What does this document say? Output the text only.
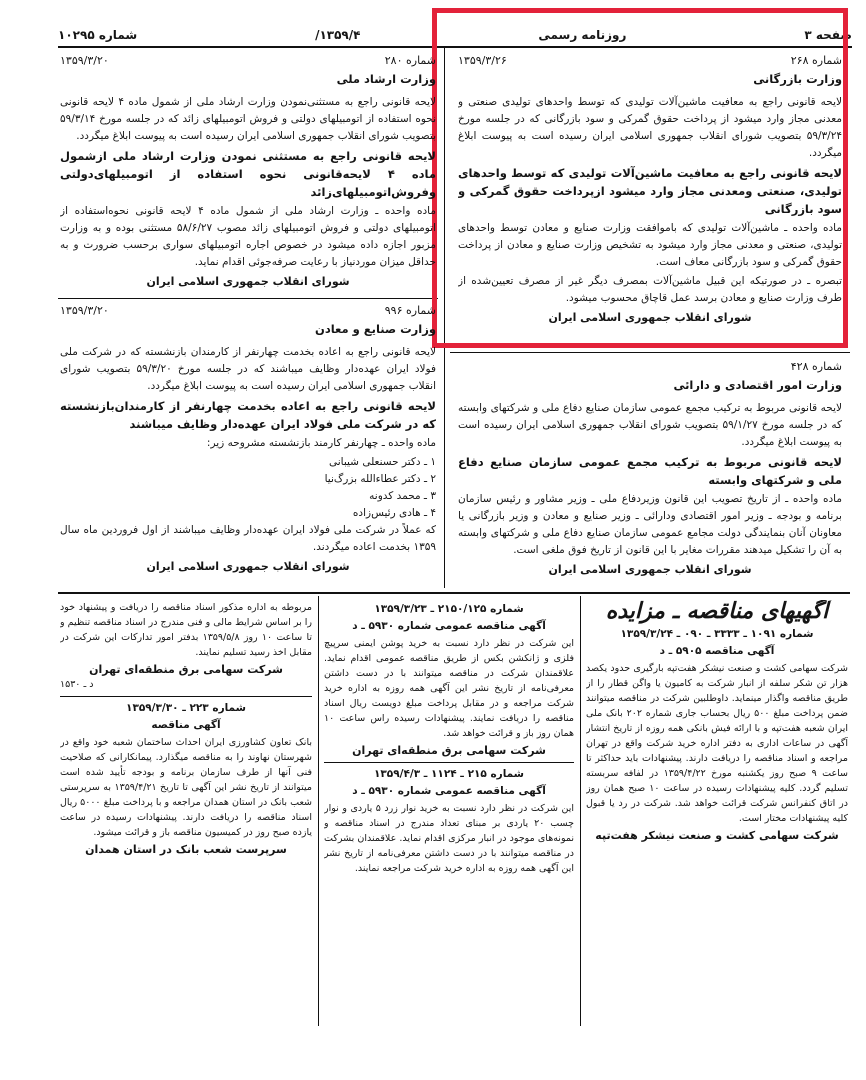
صفحه ۳
روزنامه رسمی
۱۳۵۹/۴/
شماره ۱۰۲۹۵
شماره ۲۶۸
۱۳۵۹/۳/۲۶
وزارت بازرگانی

لایحه قانونی راجع به معافیت ماشین‌آلات تولیدی که توسط واحدهای تولیدی صنعتی و معدنی مجاز وارد میشود از پرداخت حقوق گمرکی و سود بازرگانی که در جلسه مورخ ۵۹/۳/۲۴ بتصویب شورای انقلاب جمهوری اسلامی ایران رسیده است به پیوست ابلاغ میگردد.

لایحه قانونی راجع به معافیت ماشین‌آلات تولیدی که توسط واحدهای تولیدی، صنعتی ومعدنی مجاز وارد میشود ازپرداخت حقوق گمرکی و سود بازرگانی

ماده واحده ـ ماشین‌آلات تولیدی که باموافقت وزارت صنایع و معادن توسط واحدهای تولیدی، صنعتی و معدنی مجاز وارد میشود به تشخیص وزارت صنایع و معادن از پرداخت حقوق گمرکی و سود بازرگانی معاف است.

تبصره ـ در صورتیکه این قبیل ماشین‌آلات بمصرف دیگر غیر از مصرف تعیین‌شده از طرف وزارت صنایع و معادن برسد عمل قاچاق محسوب میشود.

شورای انقلاب جمهوری اسلامی ایران
شماره ۲۸۰
۱۳۵۹/۳/۲۰
وزارت ارشاد ملی

لایحه قانونی راجع به مستثنی‌نمودن وزارت ارشاد ملی از شمول ماده ۴ لایحه قانونی نحوه استفاده از اتومبیلهای دولتی و فروش اتومبیلهای زائد که در جلسه مورخ ۵۹/۳/۱۴ بتصویب شورای انقلاب جمهوری اسلامی ایران رسیده است به پیوست ابلاغ میگردد.

لایحه قانونی راجع به مستثنی نمودن وزارت ارشاد ملی ازشمول ماده ۴ لایحه‌قانونی نحوه استفاده از اتومبیلهای‌دولتی وفروش‌اتومبیلهای‌زائد

ماده واحده ـ وزارت ارشاد ملی از شمول ماده ۴ لایحه قانونی نحوه‌استفاده از اتومبیلهای دولتی و فروش اتومبیلهای زائد مصوب ۵۸/۶/۲۷ مستثنی بوده و به وزارت مزبور اجازه داده میشود در خصوص اجاره اتومبیلهای سواری برحسب ضرورت و به حداقل میزان موردنیاز با رعایت صرفه‌جوئی اقدام نماید.

شورای انقلاب جمهوری اسلامی ایران
شماره ۴۲۸
وزارت امور اقتصادی و دارائی

لایحه قانونی مربوط به ترکیب مجمع عمومی سازمان صنایع دفاع ملی و شرکتهای وابسته که در جلسه مورخ ۵۹/۱/۲۷ بتصویب شورای انقلاب جمهوری اسلامی ایران رسیده است به پیوست ابلاغ میگردد.

لایحه قانونی مربوط به ترکیب مجمع عمومی سازمان صنایع دفاع ملی و شرکتهای وابسته

ماده واحده ـ از تاریخ تصویب این قانون وزیردفاع ملی ـ وزیر مشاور و رئیس سازمان برنامه و بودجه ـ وزیر امور اقتصادی ودارائی ـ وزیر صنایع و معادن و وزیر بازرگانی یا معاونان آنان بنمایندگی دولت مجامع عمومی سازمان صنایع دفاع ملی و شرکتهای وابسته به آن را تشکیل میدهند مقررات مغایر با این قانون از تاریخ فوق ملغی است.

شورای انقلاب جمهوری اسلامی ایران
شماره ۹۹۶
۱۳۵۹/۳/۲۰
وزارت صنایع و معادن

لایحه قانونی راجع به اعاده بخدمت چهارنفر از کارمندان بازنشسته که در شرکت ملی فولاد ایران عهده‌دار وظایف میباشند که در جلسه مورخ ۵۹/۳/۲۰ بتصویب شورای انقلاب جمهوری اسلامی ایران رسیده است به پیوست ابلاغ میگردد.

لایحه قانونی راجع به اعاده بخدمت چهارنفر از کارمندان‌بازنشسته که در شرکت ملی فولاد ایران عهده‌دار وظایف میباشند

ماده واحده ـ چهارنفر کارمند بازنشسته مشروحه زیر:

۱ ـ دکتر حسنعلی شیبانی

۲ ـ دکتر عطاءالله بزرگ‌نیا

۳ ـ محمد کدونه

۴ ـ هادی رئیس‌زاده

که عملاً در شرکت ملی فولاد ایران عهده‌دار وظایف میباشند از اول فروردین ماه سال ۱۳۵۹ بخدمت اعاده میگردند.

شورای انقلاب جمهوری اسلامی ایران
آگهیهای مناقصه ـ مزایده
شماره ۱۰۹۱ ـ ۳۳۳۳ ـ ۰۹۰ ـ ۱۳۵۹/۳/۲۴
آگهی مناقصه ۵۹۰۵ ـ د

شرکت سهامی کشت و صنعت نیشکر هفت‌تپه بارگیری حدود یکصد هزار تن شکر سلفه از انبار شرکت به کامیون یا واگن قطار را از طریق مناقصه واگذار مینماید. داوطلبین شرکت در مناقصه میتوانند ضمن پرداخت مبلغ ۵۰۰ ریال بحساب جاری شماره ۲۰۲ بانک ملی ایران شعبه هفت‌تپه و با ارائه فیش بانکی همه روزه از تاریخ انتشار آگهی در ساعات اداری به دفتر اداره خرید شرکت واقع در تهران مراجعه و اسناد مناقصه را دریافت دارند. پیشنهادات باید حداکثر تا ساعت ۹ صبح روز یکشنبه مورخ ۱۳۵۹/۴/۲۲ در لفافه سربسته تسلیم گردد. کلیه پیشنهادات رسیده در ساعت ۱۰ صبح همان روز در اتاق کنفرانس شرکت قرائت خواهد شد. شرکت در رد یا قبول کلیه پیشنهادات مختار است.

شرکت سهامی کشت و صنعت نیشکر هفت‌تپه
شماره ۲۱۵۰/۱۲۵ ـ ۱۳۵۹/۳/۲۳
آگهی مناقصه عمومی شماره ۵۹۳۰ ـ د

این شرکت در نظر دارد نسبت به خرید پوشن ایمنی سرپیچ فلزی و ژانکشن بکس از طریق مناقصه عمومی اقدام نماید. علاقمندان شرکت در مناقصه میتوانند با در دست داشتن معرفی‌نامه از تاریخ نشر این آگهی همه روزه به اداره خرید شرکت مراجعه و در مقابل پرداخت مبلغ دویست ریال اسناد مناقصه را دریافت نمایند. پیشنهادات رسیده راس ساعت ۱۰ همان روز باز و قرائت خواهد شد.

شرکت سهامی برق منطقه‌ای تهران
شماره ۲۱۵ ـ ۱۱۲۴ ـ ۱۳۵۹/۴/۳
آگهی مناقصه عمومی شماره ۵۹۳۰ ـ د

این شرکت در نظر دارد نسبت به خرید نوار زرد ۵ یاردی و نوار چسب ۲۰ یاردی بر مبنای تعداد مندرج در اسناد مناقصه و نمونه‌های موجود در انبار مرکزی اقدام نماید. علاقمندان بشرکت در مناقصه میتوانند با در دست داشتن معرفی‌نامه از تاریخ نشر این آگهی همه روزه به اداره خرید شرکت مراجعه نمایند.

مربوطه به اداره مذکور اسناد مناقصه را دریافت و پیشنهاد خود را بر اساس شرایط مالی و فنی مندرج در اسناد مناقصه تنظیم و تا ساعت ۱۰ روز ۱۳۵۹/۵/۸ بدفتر امور تدارکات این شرکت در مقابل اخذ رسید تسلیم نمایند.

شرکت سهامی برق منطقه‌ای تهران
د ـ ۱۵۳۰
شماره ۲۲۳ ـ ۱۳۵۹/۳/۳۰
آگهی مناقصه

بانک تعاون کشاورزی ایران احداث ساختمان شعبه خود واقع در شهرستان نهاوند را به مناقصه میگذارد. پیمانکارانی که صلاحیت فنی آنها از طرف سازمان برنامه و بودجه تأیید شده است میتوانند از تاریخ نشر این آگهی تا تاریخ ۱۳۵۹/۴/۲۱ به سرپرستی شعب بانک در استان همدان مراجعه و با پرداخت مبلغ ۵۰۰۰ ریال اسناد مناقصه را دریافت دارند. پیشنهادات رسیده در ساعت یازده صبح روز در کمیسیون مناقصه باز و قرائت میشود.

سرپرست شعب بانک در استان همدان
